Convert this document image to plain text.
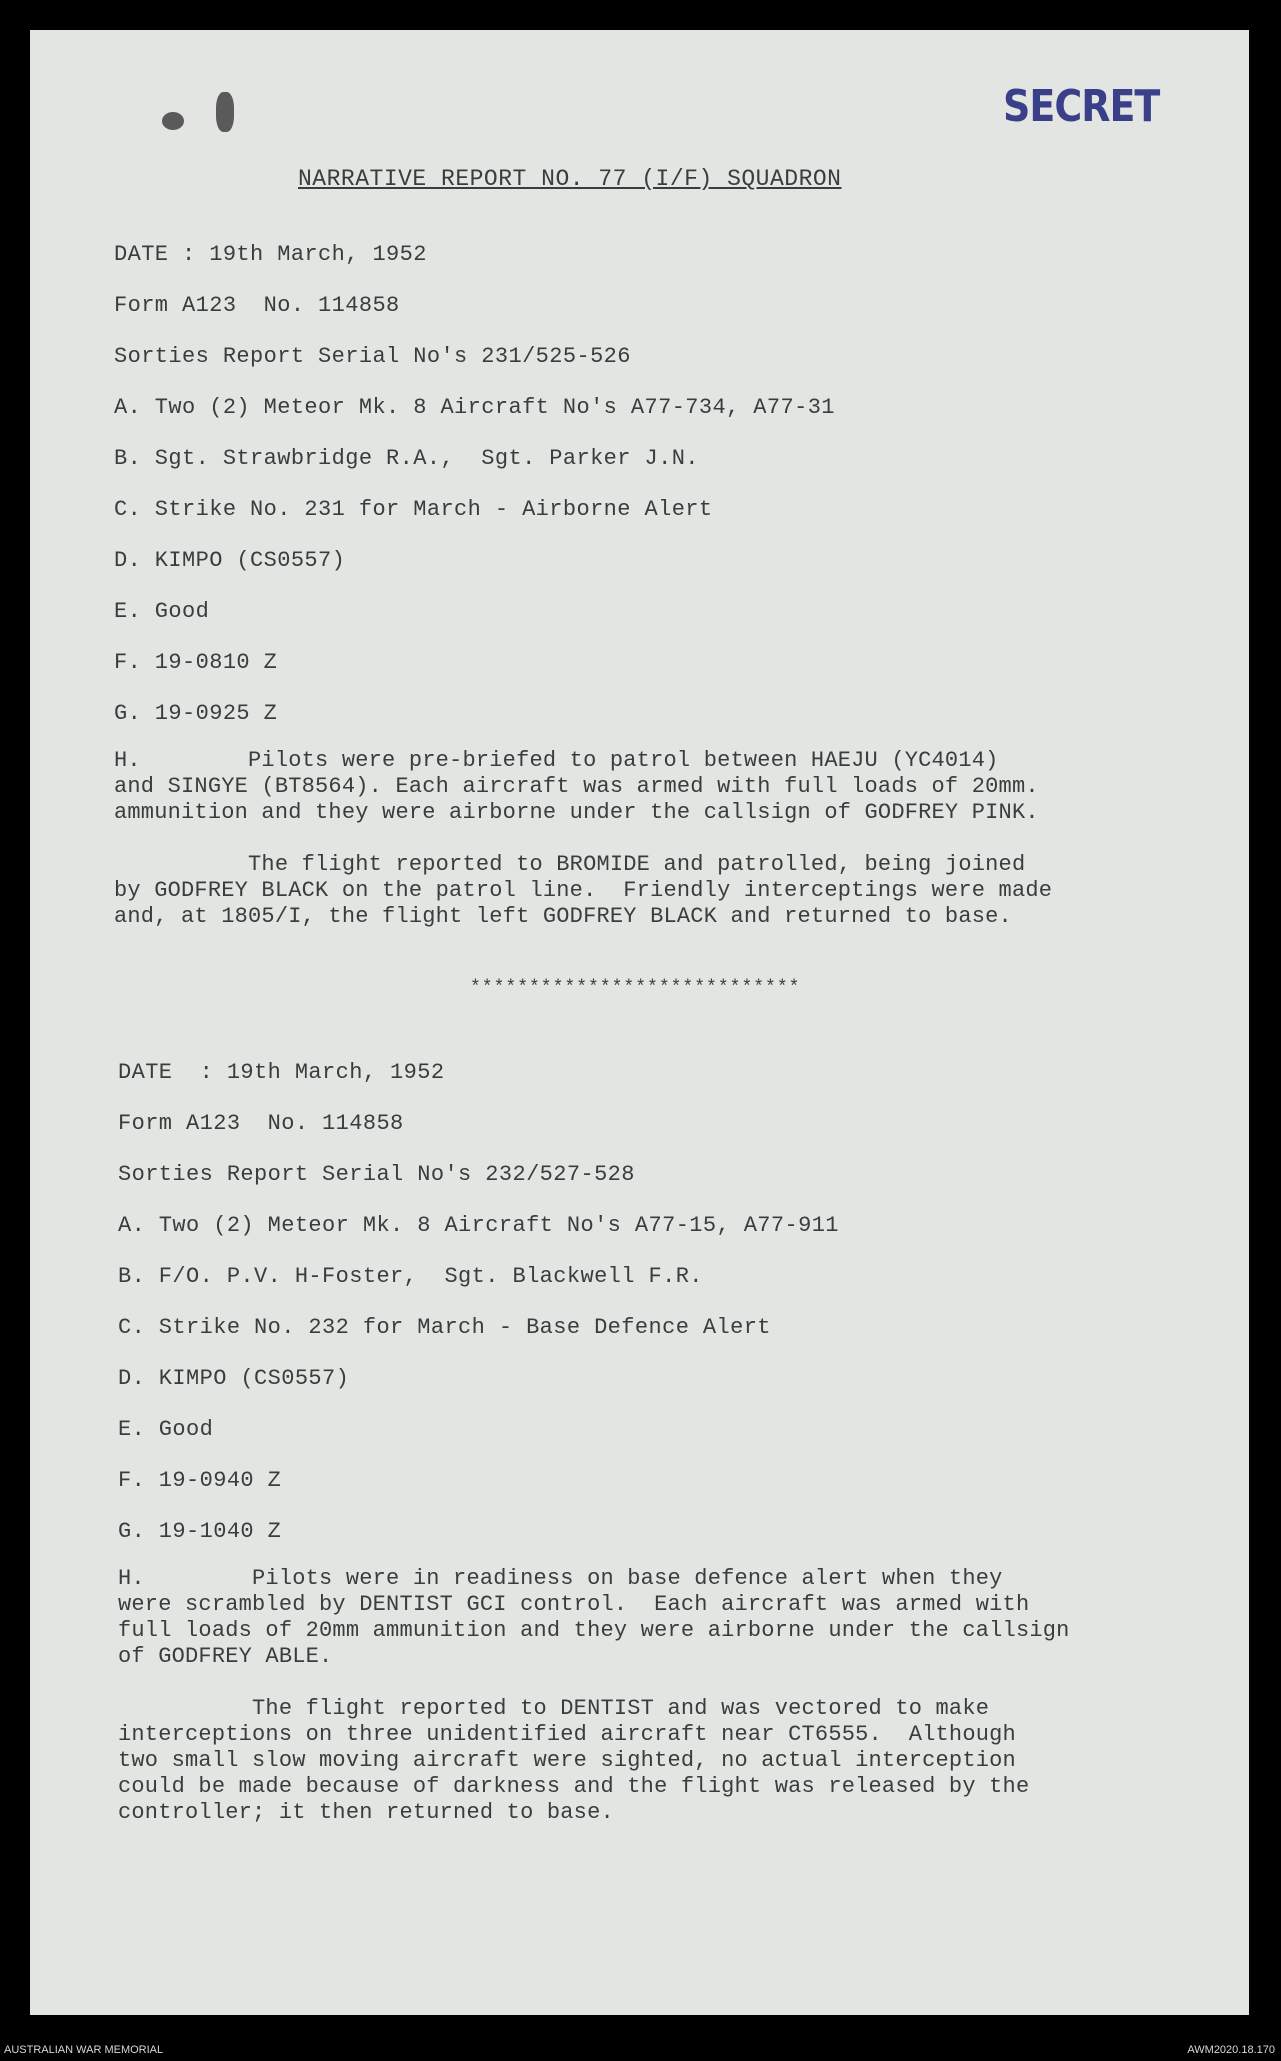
SECRET
NARRATIVE REPORT NO. 77 (I/F) SQUADRON
DATE : 19th March, 1952
Form A123  No. 114858
Sorties Report Serial No's 231/525-526
A. Two (2) Meteor Mk. 8 Aircraft No's A77-734, A77-31
B. Sgt. Strawbridge R.A.,  Sgt. Parker J.N.
C. Strike No. 231 for March - Airborne Alert
D. KIMPO (CS0557)
E. Good
F. 19-0810 Z
G. 19-0925 Z
H.        Pilots were pre-briefed to patrol between HAEJU (YC4014)
and SINGYE (BT8564). Each aircraft was armed with full loads of 20mm.
ammunition and they were airborne under the callsign of GODFREY PINK.
The flight reported to BROMIDE and patrolled, being joined
by GODFREY BLACK on the patrol line.  Friendly interceptings were made
and, at 1805/I, the flight left GODFREY BLACK and returned to base.
****************************
DATE  : 19th March, 1952
Form A123  No. 114858
Sorties Report Serial No's 232/527-528
A. Two (2) Meteor Mk. 8 Aircraft No's A77-15, A77-911
B. F/O. P.V. H-Foster,  Sgt. Blackwell F.R.
C. Strike No. 232 for March - Base Defence Alert
D. KIMPO (CS0557)
E. Good
F. 19-0940 Z
G. 19-1040 Z
H.        Pilots were in readiness on base defence alert when they
were scrambled by DENTIST GCI control.  Each aircraft was armed with
full loads of 20mm ammunition and they were airborne under the callsign
of GODFREY ABLE.
The flight reported to DENTIST and was vectored to make
interceptions on three unidentified aircraft near CT6555.  Although
two small slow moving aircraft were sighted, no actual interception
could be made because of darkness and the flight was released by the
controller; it then returned to base.
AUSTRALIAN WAR MEMORIAL	AWM2020.18.170
